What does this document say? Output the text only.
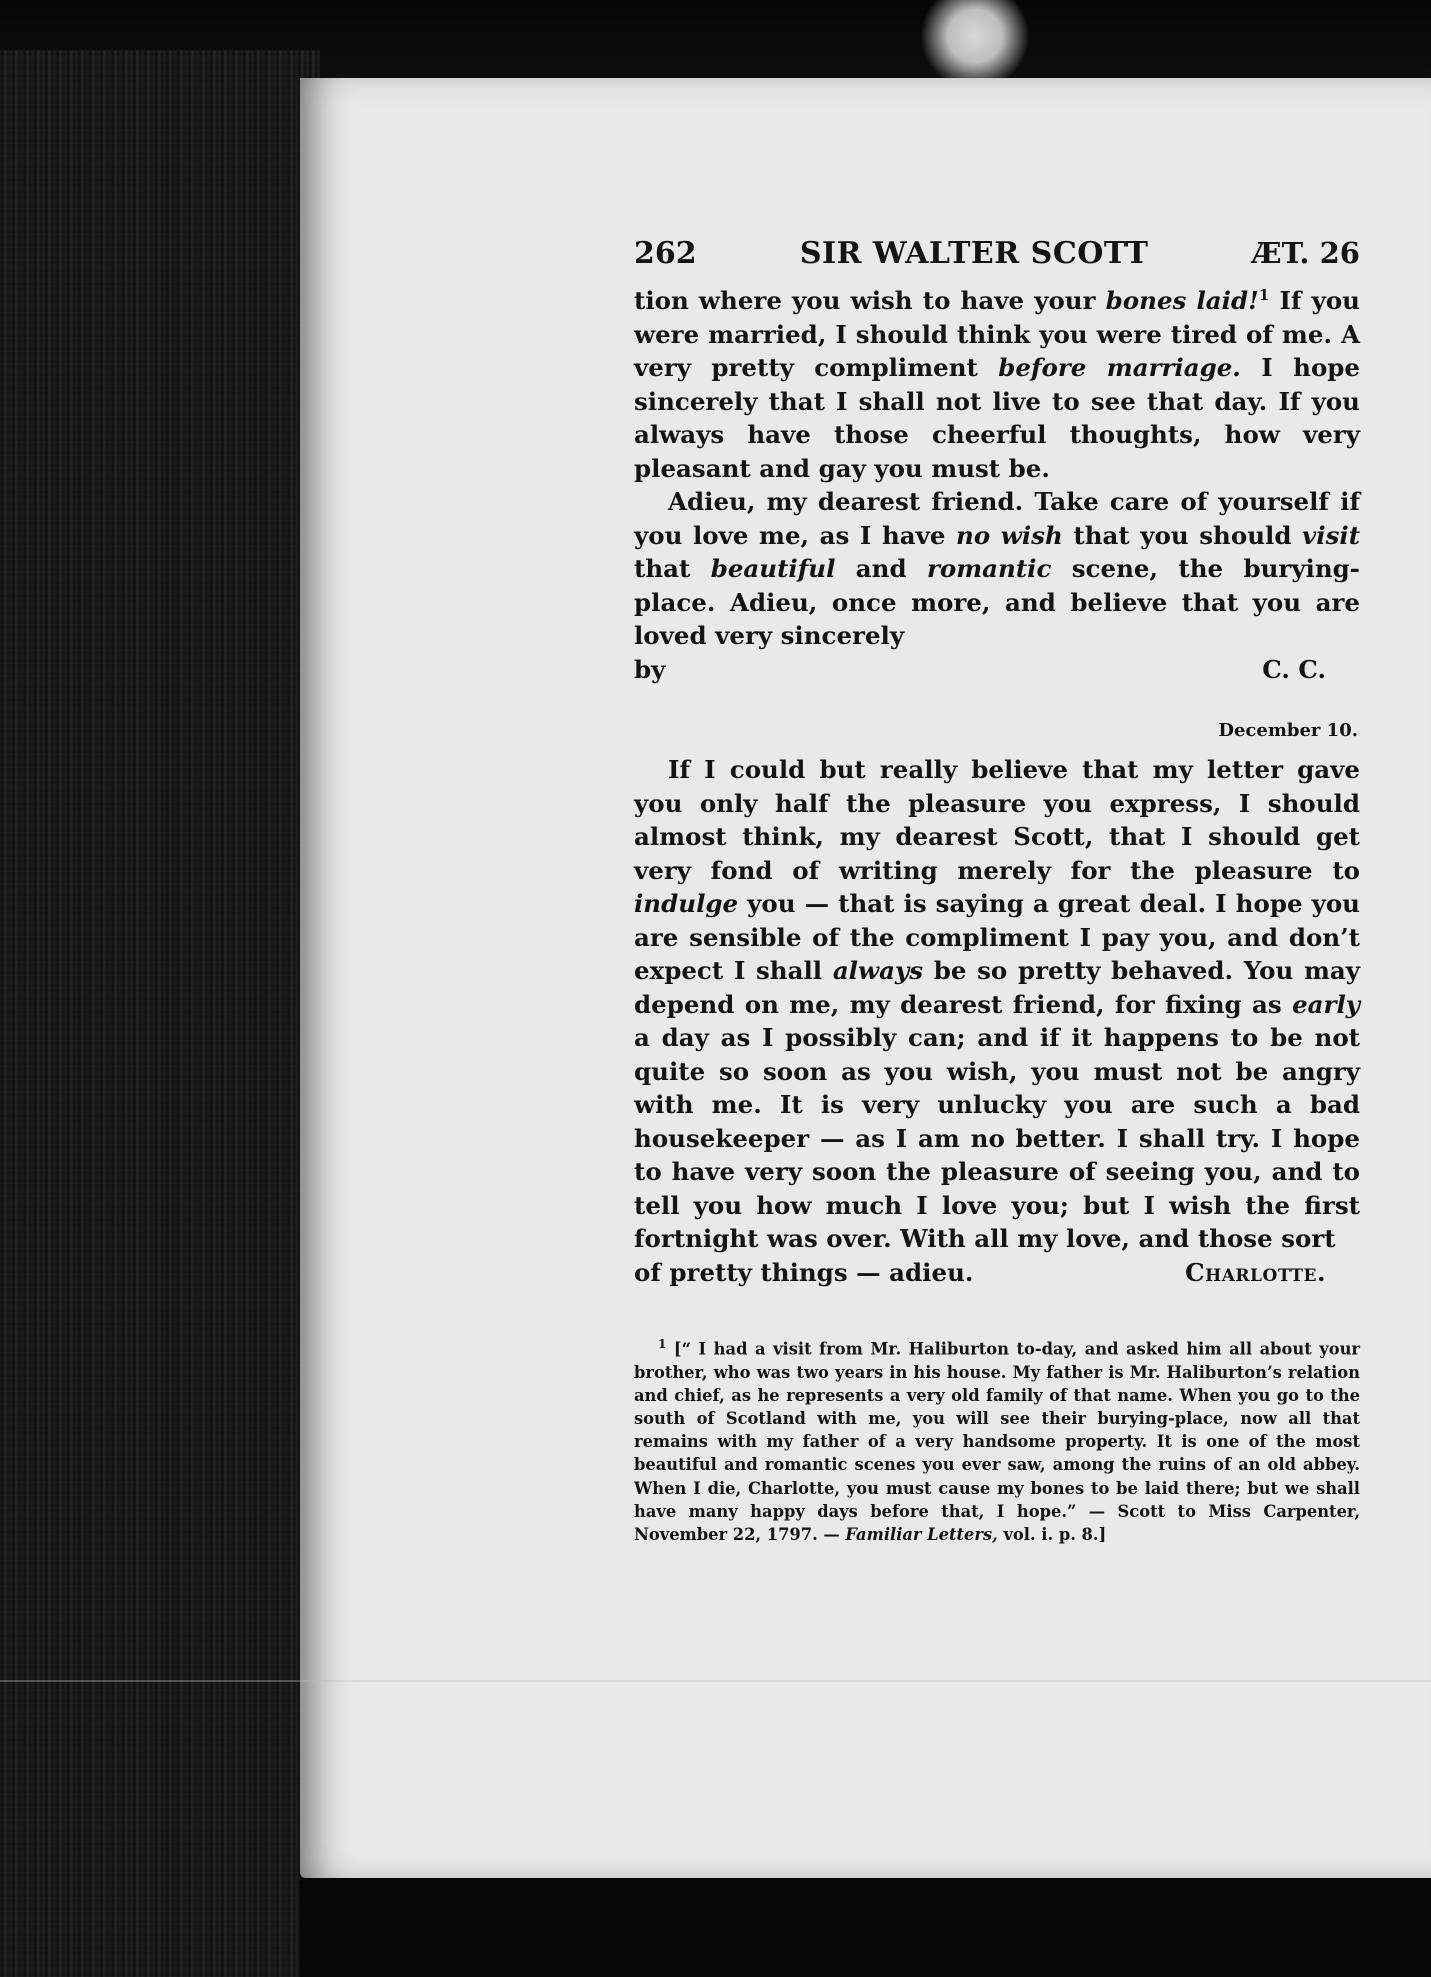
262	SIR WALTER SCOTT	ÆT. 26

tion where you wish to have your bones laid!$^1$ If you were married, I should think you were tired of me. A very pretty compliment before marriage. I hope sincerely that I shall not live to see that day. If you always have those cheerful thoughts, how very pleasant and gay you must be.

Adieu, my dearest friend. Take care of yourself if you love me, as I have no wish that you should visit that beautiful and romantic scene, the burying-place. Adieu, once more, and believe that you are loved very sincerely

by	C. C.
December 10.

If I could but really believe that my letter gave you only half the pleasure you express, I should almost think, my dearest Scott, that I should get very fond of writing merely for the pleasure to indulge you — that is saying a great deal. I hope you are sensible of the compliment I pay you, and don’t expect I shall always be so pretty behaved. You may depend on me, my dearest friend, for fixing as early a day as I possibly can; and if it happens to be not quite so soon as you wish, you must not be angry with me. It is very unlucky you are such a bad housekeeper — as I am no better. I shall try. I hope to have very soon the pleasure of seeing you, and to tell you how much I love you; but I wish the first fortnight was over. With all my love, and those sort

of pretty things — adieu.	Charlotte.
$^1$ [“ I had a visit from Mr. Haliburton to-day, and asked him all about your brother, who was two years in his house. My father is Mr. Haliburton’s relation and chief, as he represents a very old family of that name. When you go to the south of Scotland with me, you will see their burying-place, now all that remains with my father of a very handsome property. It is one of the most beautiful and romantic scenes you ever saw, among the ruins of an old abbey. When I die, Charlotte, you must cause my bones to be laid there; but we shall have many happy days before that, I hope.” — Scott to Miss Carpenter, November 22, 1797. — Familiar Letters, vol. i. p. 8.]
